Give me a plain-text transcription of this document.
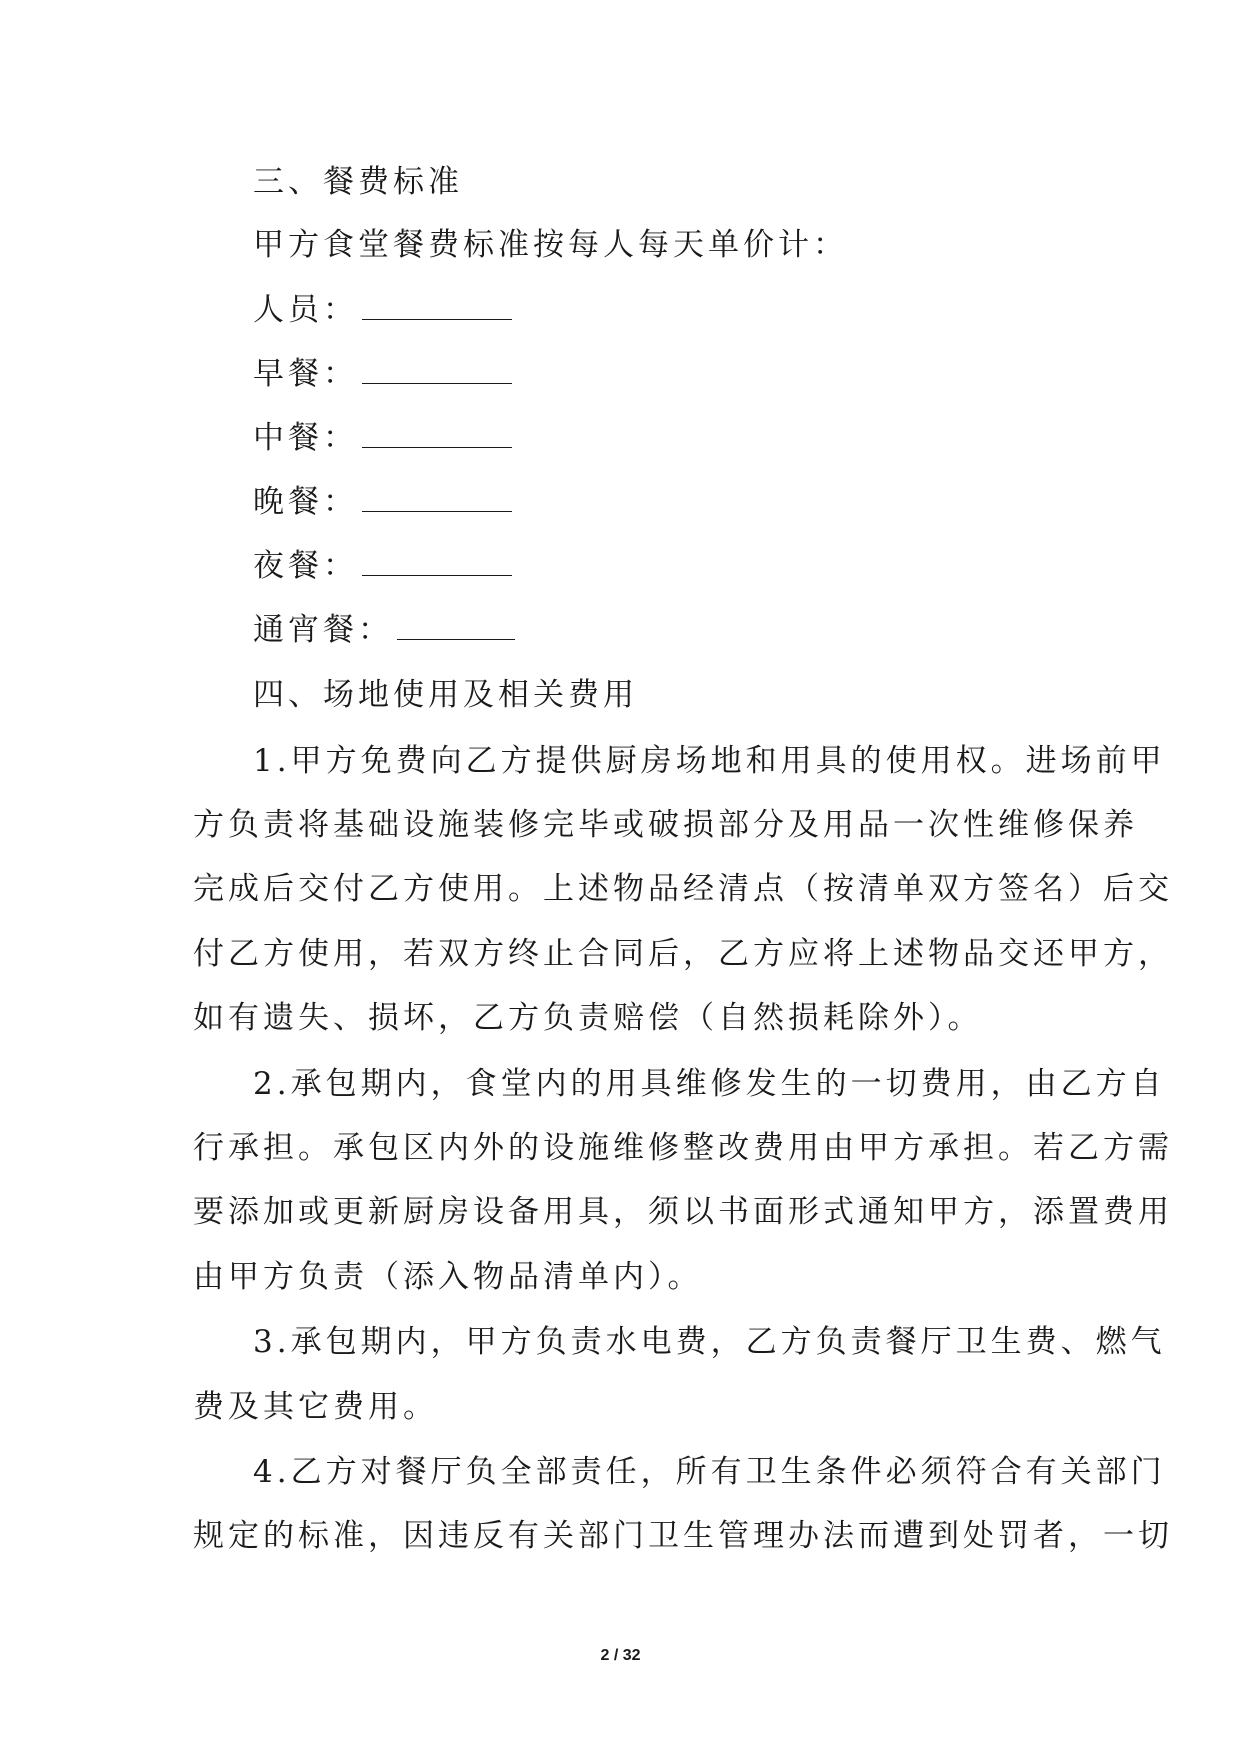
三、餐费标准
甲方食堂餐费标准按每人每天单价计：
人员：
早餐：
中餐：
晚餐：
夜餐：
通宵餐：
四、场地使用及相关费用
1.甲方免费向乙方提供厨房场地和用具的使用权。进场前甲
方负责将基础设施装修完毕或破损部分及用品一次性维修保养
完成后交付乙方使用。上述物品经清点（按清单双方签名）后交
付乙方使用，若双方终止合同后，乙方应将上述物品交还甲方，
如有遗失、损坏，乙方负责赔偿（自然损耗除外）。
2.承包期内，食堂内的用具维修发生的一切费用，由乙方自
行承担。承包区内外的设施维修整改费用由甲方承担。若乙方需
要添加或更新厨房设备用具，须以书面形式通知甲方，添置费用
由甲方负责（添入物品清单内）。
3.承包期内，甲方负责水电费，乙方负责餐厅卫生费、燃气
费及其它费用。
4.乙方对餐厅负全部责任，所有卫生条件必须符合有关部门
规定的标准，因违反有关部门卫生管理办法而遭到处罚者，一切
2 / 32
